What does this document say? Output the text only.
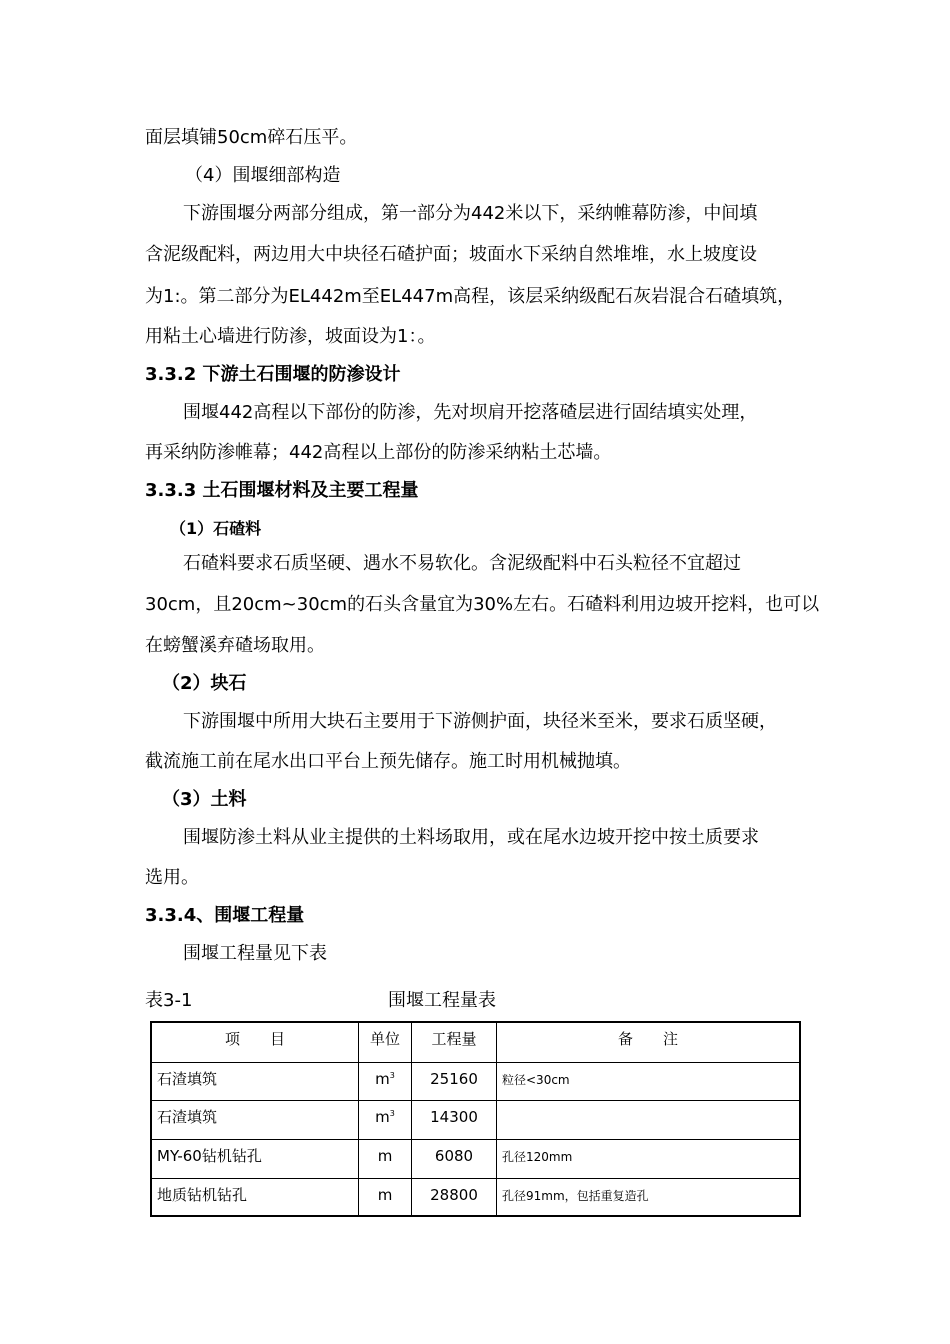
面层填铺50cm碎石压平。
（4）围堰细部构造
下游围堰分两部分组成，第一部分为442米以下，采纳帷幕防渗，中间填
含泥级配料，两边用大中块径石碴护面；坡面水下采纳自然堆堆，水上坡度设
为1:。第二部分为EL442m至EL447m高程，该层采纳级配石灰岩混合石碴填筑，
用粘土心墙进行防渗，坡面设为1：。
3.3.2 下游土石围堰的防渗设计
围堰442高程以下部份的防渗，先对坝肩开挖落碴层进行固结填实处理，
再采纳防渗帷幕；442高程以上部份的防渗采纳粘土芯墙。
3.3.3 土石围堰材料及主要工程量
（1）石碴料
石碴料要求石质坚硬、遇水不易软化。含泥级配料中石头粒径不宜超过
30cm，且20cm~30cm的石头含量宜为30%左右。石碴料利用边坡开挖料，也可以
在螃蟹溪弃碴场取用。
（2）块石
下游围堰中所用大块石主要用于下游侧护面，块径米至米，要求石质坚硬，
截流施工前在尾水出口平台上预先储存。施工时用机械抛填。
（3）土料
围堰防渗土料从业主提供的土料场取用，或在尾水边坡开挖中按土质要求
选用。
3.3.4、围堰工程量
围堰工程量见下表
表3-1	围堰工程量表
项　　目	单位	工程量	备　　注
石渣填筑	$m^3$	25160	粒径<30cm
石渣填筑	$m^3$	14300
MY-60钻机钻孔	m	6080	孔径120mm
地质钻机钻孔	m	28800	孔径91mm，包括重复造孔
